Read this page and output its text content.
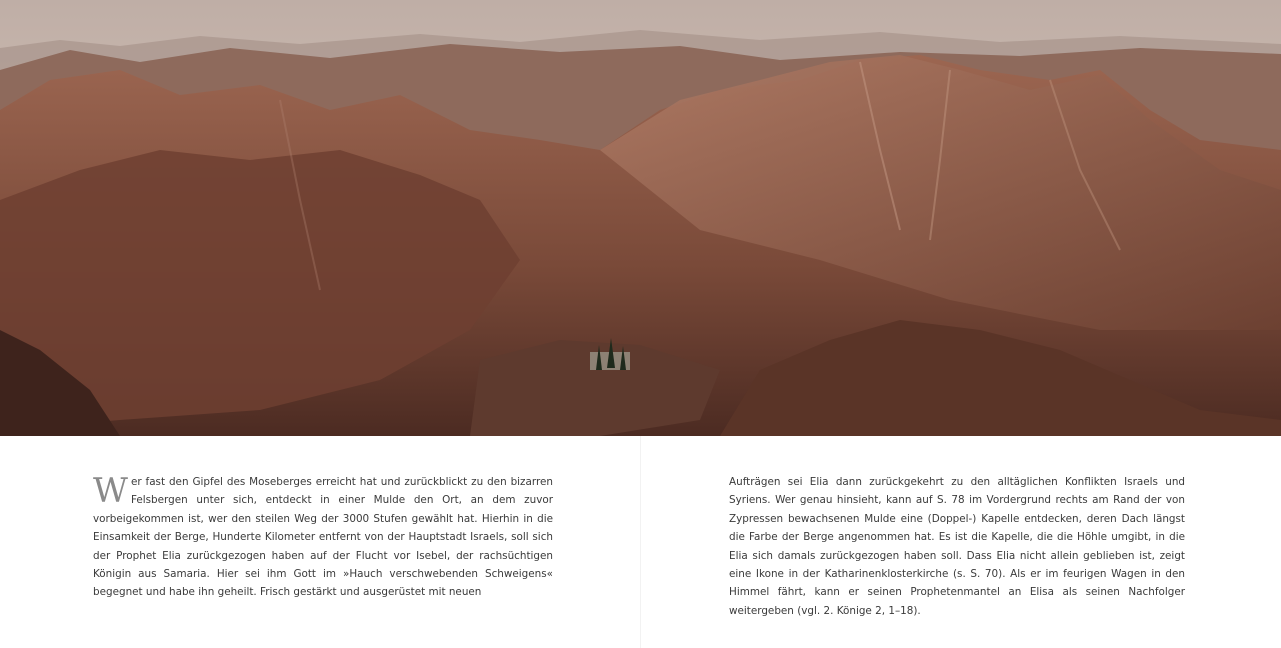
W er fast den Gipfel des Moseberges erreicht hat und zurückblickt zu den bizarren Felsbergen unter sich, entdeckt in einer Mulde den Ort, an dem zuvor vorbeigekommen ist, wer den steilen Weg der 3000 Stufen gewählt hat. Hierhin in die Einsamkeit der Berge, Hunderte Kilometer entfernt von der Hauptstadt Israels, soll sich der Prophet Elia zurückgezogen haben auf der Flucht vor Isebel, der rachsüchtigen Königin aus Samaria. Hier sei ihm Gott im »Hauch verschwebenden Schweigens« begegnet und habe ihn geheilt. Frisch gestärkt und ausgerüstet mit neuen
Aufträgen sei Elia dann zurückgekehrt zu den alltäglichen Konflikten Israels und Syriens. Wer genau hinsieht, kann auf S. 78 im Vordergrund rechts am Rand der von Zypressen bewachsenen Mulde eine (Doppel-) Kapelle entdecken, deren Dach längst die Farbe der Berge angenommen hat. Es ist die Kapelle, die die Höhle umgibt, in die Elia sich damals zurückgezogen haben soll. Dass Elia nicht allein geblieben ist, zeigt eine Ikone in der Katharinenklosterkirche (s. S. 70). Als er im feurigen Wagen in den Himmel fährt, kann er seinen Prophetenmantel an Elisa als seinen Nachfolger weitergeben (vgl. 2. Könige 2, 1–18).
